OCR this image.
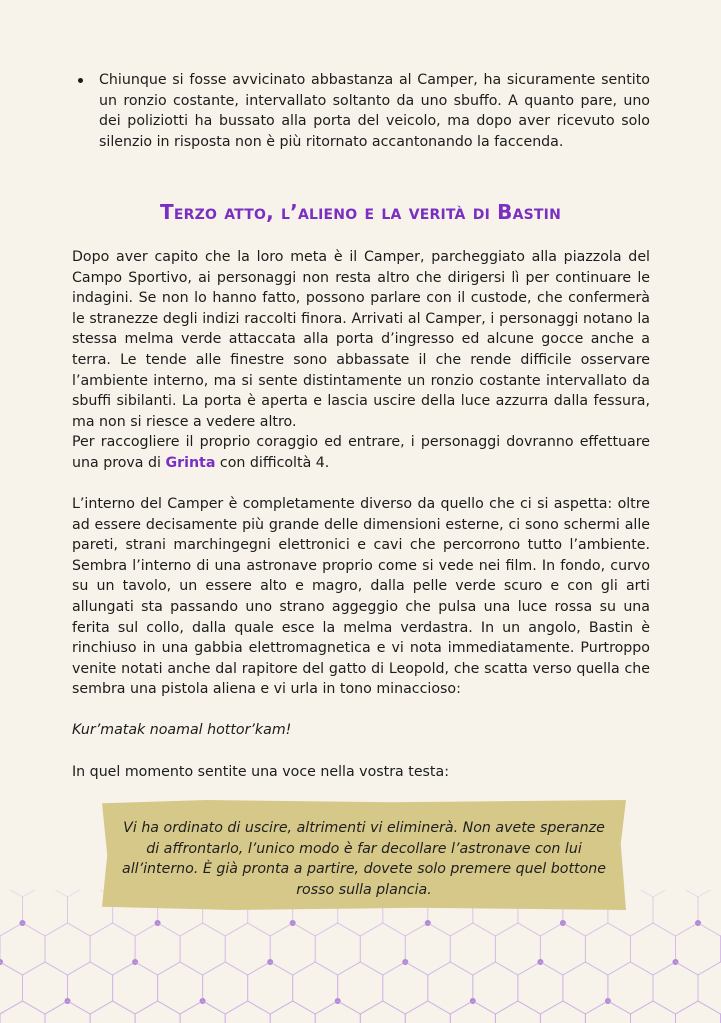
Chiunque si fosse avvicinato abbastanza al Camper, ha sicuramente sentito un ronzio costante, intervallato soltanto da uno sbuffo. A quanto pare, uno dei poliziotti ha bussato alla porta del veicolo, ma dopo aver ricevuto solo silenzio in risposta non è più ritornato accantonando la faccenda.
Terzo atto, l’alieno e la verità di Bastin

Dopo aver capito che la loro meta è il Camper, parcheggiato alla piazzola del Campo Sportivo, ai personaggi non resta altro che dirigersi lì per continuare le indagini. Se non lo hanno fatto, possono parlare con il custode, che confermerà le stranezze degli indizi raccolti finora. Arrivati al Camper, i personaggi notano la stessa melma verde attaccata alla porta d’ingresso ed alcune gocce anche a terra. Le tende alle finestre sono abbassate il che rende difficile osservare l’ambiente interno, ma si sente distintamente un ronzio costante intervallato da sbuffi sibilanti. La porta è aperta e lascia uscire della luce azzurra dalla fessura, ma non si riesce a vedere altro.
Per raccogliere il proprio coraggio ed entrare, i personaggi dovranno effettuare una prova di Grinta con difficoltà 4.

L’interno del Camper è completamente diverso da quello che ci si aspetta: oltre ad essere decisamente più grande delle dimensioni esterne, ci sono schermi alle pareti, strani marchingegni elettronici e cavi che percorrono tutto l’ambiente. Sembra l’interno di una astronave proprio come si vede nei film. In fondo, curvo su un tavolo, un essere alto e magro, dalla pelle verde scuro e con gli arti allungati sta passando uno strano aggeggio che pulsa una luce rossa su una ferita sul collo, dalla quale esce la melma verdastra. In un angolo, Bastin è rinchiuso in una gabbia elettromagnetica e vi nota immediatamente. Purtroppo venite notati anche dal rapitore del gatto di Leopold, che scatta verso quella che sembra una pistola aliena e vi urla in tono minaccioso:

Kur’matak noamal hottor’kam!

In quel momento sentite una voce nella vostra testa:

Vi ha ordinato di uscire, altrimenti vi eliminerà. Non avete speranze di affrontarlo, l’unico modo è far decollare l’astronave con lui all’interno. È già pronta a partire, dovete solo premere quel bottone rosso sulla plancia.
